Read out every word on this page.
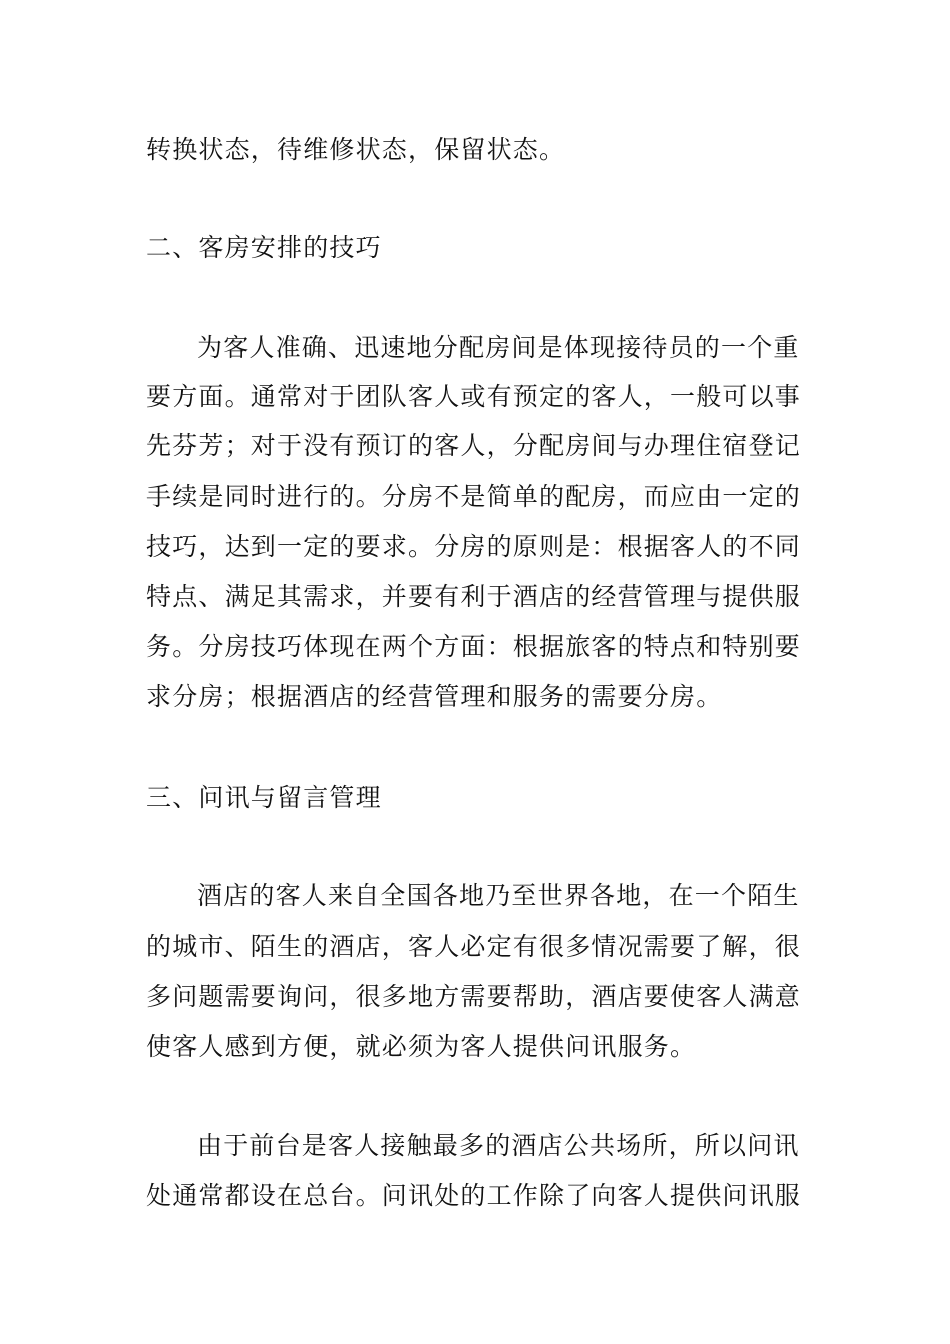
转换状态，待维修状态，保留状态。
二、客房安排的技巧
为客人准确、迅速地分配房间是体现接待员的一个重
要方面。通常对于团队客人或有预定的客人，一般可以事
先芬芳；对于没有预订的客人，分配房间与办理住宿登记
手续是同时进行的。分房不是简单的配房，而应由一定的
技巧，达到一定的要求。分房的原则是：根据客人的不同
特点、满足其需求，并要有利于酒店的经营管理与提供服
务。分房技巧体现在两个方面：根据旅客的特点和特别要
求分房；根据酒店的经营管理和服务的需要分房。
三、问讯与留言管理
酒店的客人来自全国各地乃至世界各地，在一个陌生
的城市、陌生的酒店，客人必定有很多情况需要了解，很
多问题需要询问，很多地方需要帮助，酒店要使客人满意
使客人感到方便，就必须为客人提供问讯服务。
由于前台是客人接触最多的酒店公共场所，所以问讯
处通常都设在总台。问讯处的工作除了向客人提供问讯服
